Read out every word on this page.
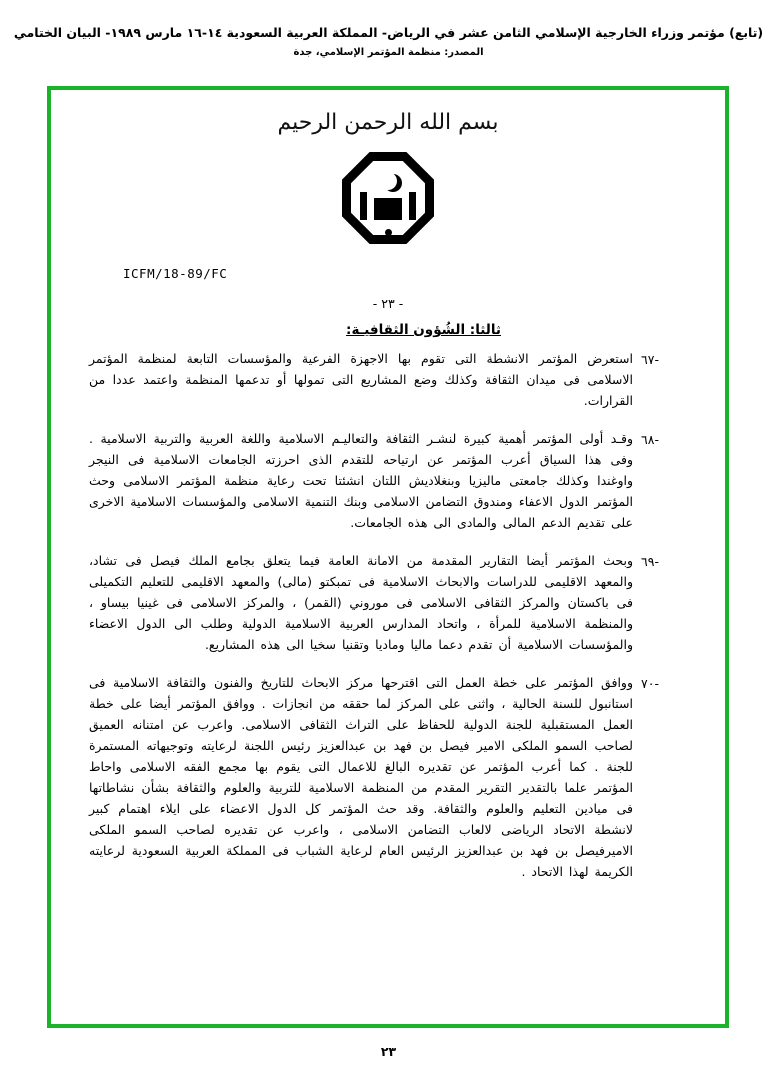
(تابع) مؤتمر وزراء الخارجية الإسلامي الثامن عشر في الرياض- المملكة العربية السعودية ١٤-١٦ مارس ١٩٨٩- البيان الختامي
المصدر: منظمة المؤتمر الإسلامي، جدة
بسم الله الرحمن الرحيم
ICFM/18-89/FC
- ٢٣ -
ثالثا: الشُؤون الثقافيـة:
-٦٧
استعرض المؤتمر الانشطة التى تقوم بها الاجهزة الفرعية والمؤسسات التابعة لمنظمة المؤتمر الاسلامى فى ميدان الثقافة وكذلك وضع المشاريع التى تمولها أو تدعمها المنظمة واعتمد عددا من القرارات.
-٦٨
وقـد أولى المؤتمر أهمية كبيرة لنشـر الثقافة والتعاليـم الاسلامية واللغة العربية والتربية الاسلامية . وفى هذا السياق أعرب المؤتمر عن ارتياحه للتقدم الذى احرزته الجامعات الاسلامية فى النيجر واوغندا وكذلك جامعتى ماليزيا وبنغلاديش اللتان انشئتا تحت رعاية منظمة المؤتمر الاسلامى وحث المؤتمر الدول الاعفاء ومندوق التضامن الاسلامى وبنك التنمية الاسلامى والمؤسسات الاسلامية الاخرى على تقديم الدعم المالى والمادى الى هذه الجامعات.
-٦٩
وبحث المؤتمر أيضا التقارير المقدمة من الامانة العامة فيما يتعلق بجامع الملك فيصل فى تشاد، والمعهد الاقليمى للدراسات والابحاث الاسلامية فى تمبكتو (مالى) والمعهد الاقليمى للتعليم التكميلى فى باكستان والمركز الثقافى الاسلامى فى موروني (القمر) ، والمركز الاسلامى فى غينيا بيساو ، والمنظمة الاسلامية للمرأة ، واتحاد المدارس العربية الاسلامية الدولية وطلب الى الدول الاعضاء والمؤسسات الاسلامية أن تقدم دعما ماليا وماديا وتقنيا سخيا الى هذه المشاريع.
-٧٠
ووافق المؤتمر على خطة العمل التى اقترحها مركز الابحاث للتاريخ والفنون والثقافة الاسلامية فى استانبول للسنة الحالية ، واثنى على المركز لما حققه من انجازات . ووافق المؤتمر أيضا على خطة العمل المستقبلية للجنة الدولية للحفاظ على التراث الثقافى الاسلامى. واعرب عن امتنانه العميق لصاحب السمو الملكى الامير فيصل بن فهد بن عبدالعزيز رئيس اللجنة لرعايته وتوجيهاته المستمرة للجنة . كما أعرب المؤتمر عن تقديره البالغ للاعمال التى يقوم بها مجمع الفقه الاسلامى واحاط المؤتمر علما بالتقدير التقرير المقدم من المنظمة الاسلامية للتربية والعلوم والثقافة بشأن نشاطاتها فى ميادين التعليم والعلوم والثقافة. وقد حث المؤتمر كل الدول الاعضاء على ايلاء اهتمام كبير لانشطة الاتحاد الرياضى لالعاب التضامن الاسلامى ، واعرب عن تقديره لصاحب السمو الملكى الاميرفيصل بن فهد بن عبدالعزيز الرئيس العام لرعاية الشباب فى المملكة العربية السعودية لرعايته الكريمة لهذا الاتحاد .
٢٣
